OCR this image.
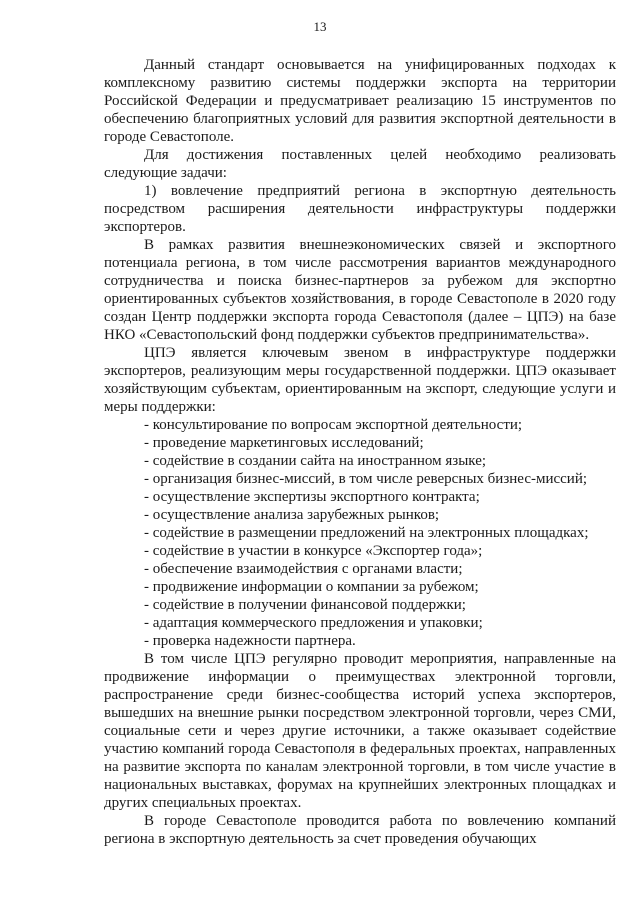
13

Данный стандарт основывается на унифицированных подходах к комплексному развитию системы поддержки экспорта на территории Российской Федерации и предусматривает реализацию 15 инструментов по обеспечению благоприятных условий для развития экспортной деятельности в городе Севастополе.

Для достижения поставленных целей необходимо реализовать следующие задачи:

1) вовлечение предприятий региона в экспортную деятельность посредством расширения деятельности инфраструктуры поддержки экспортеров.

В рамках развития внешнеэкономических связей и экспортного потенциала региона, в том числе рассмотрения вариантов международного сотрудничества и поиска бизнес-партнеров за рубежом для экспортно ориентированных субъектов хозяйствования, в городе Севастополе в 2020 году создан Центр поддержки экспорта города Севастополя (далее – ЦПЭ) на базе НКО «Севастопольский фонд поддержки субъектов предпринимательства».

ЦПЭ является ключевым звеном в инфраструктуре поддержки экспортеров, реализующим меры государственной поддержки. ЦПЭ оказывает хозяйствующим субъектам, ориентированным на экспорт, следующие услуги и меры поддержки:

- консультирование по вопросам экспортной деятельности;
- проведение маркетинговых исследований;
- содействие в создании сайта на иностранном языке;
- организация бизнес-миссий, в том числе реверсных бизнес-миссий;
- осуществление экспертизы экспортного контракта;
- осуществление анализа зарубежных рынков;
- содействие в размещении предложений на электронных площадках;
- содействие в участии в конкурсе «Экспортер года»;
- обеспечение взаимодействия с органами власти;
- продвижение информации о компании за рубежом;
- содействие в получении финансовой поддержки;
- адаптация коммерческого предложения и упаковки;
- проверка надежности партнера.

В том числе ЦПЭ регулярно проводит мероприятия, направленные на продвижение информации о преимуществах электронной торговли, распространение среди бизнес-сообщества историй успеха экспортеров, вышедших на внешние рынки посредством электронной торговли, через СМИ, социальные сети и через другие источники, а также оказывает содействие участию компаний города Севастополя в федеральных проектах, направленных на развитие экспорта по каналам электронной торговли, в том числе участие в национальных выставках, форумах на крупнейших электронных площадках и других специальных проектах.

В городе Севастополе проводится работа по вовлечению компаний региона в экспортную деятельность за счет проведения обучающих
